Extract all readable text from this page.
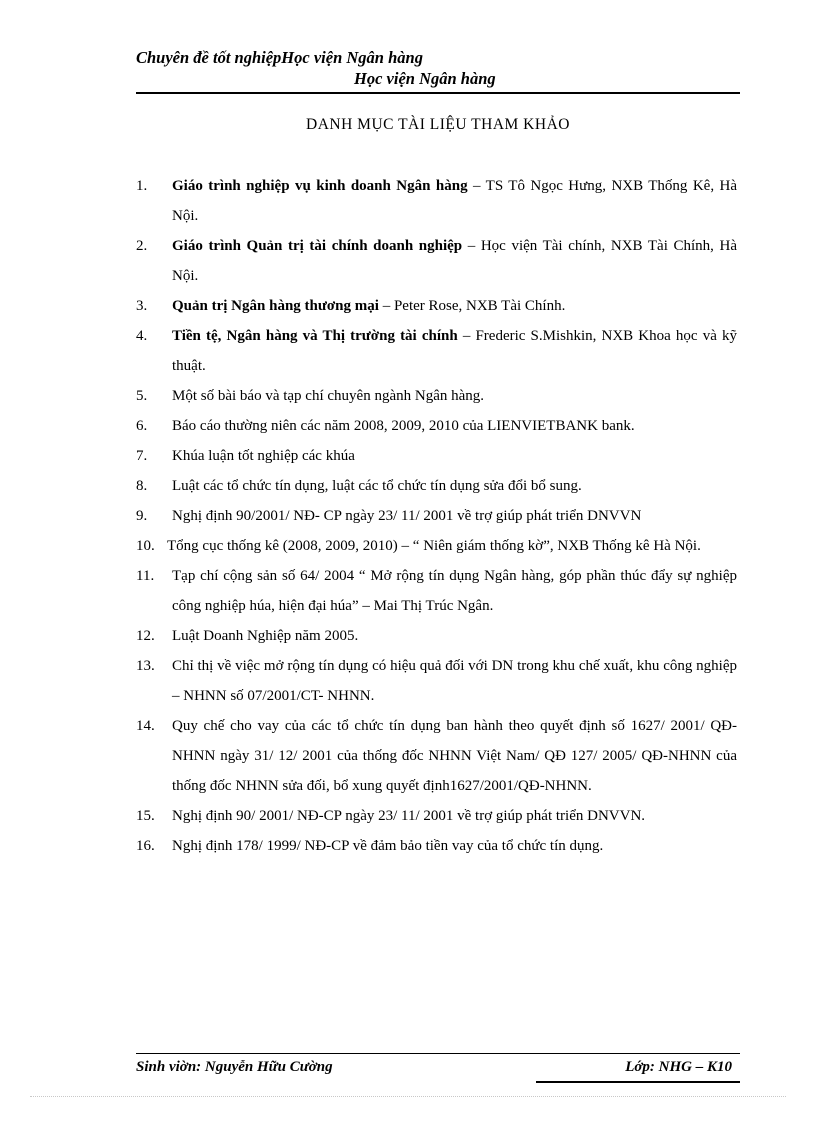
Chuyên đề tốt nghiệpHọc viện Ngân hàng
Học viện Ngân hàng
DANH MỤC TÀI LIỆU THAM KHẢO
1. Giáo trình nghiệp vụ kinh doanh Ngân hàng – TS Tô Ngọc Hưng, NXB Thống Kê, Hà Nội.
2. Giáo trình Quản trị tài chính doanh nghiệp – Học viện Tài chính, NXB Tài Chính, Hà Nội.
3. Quản trị Ngân hàng thương mại – Peter Rose, NXB Tài Chính.
4. Tiền tệ, Ngân hàng và Thị trường tài chính – Frederic S.Mishkin, NXB Khoa học và kỹ thuật.
5. Một số bài báo và tạp chí chuyên ngành Ngân hàng.
6. Báo cáo thường niên các năm 2008, 2009, 2010 của LIENVIETBANK bank.
7. Khúa luận tốt nghiệp các khúa
8. Luật các tổ chức tín dụng, luật các tổ chức tín dụng sửa đổi bổ sung.
9. Nghị định 90/2001/ NĐ- CP ngày 23/ 11/ 2001 về trợ giúp phát triển DNVVN
10. Tổng cục thống kê (2008, 2009, 2010) – “ Niên giám thống kờ”, NXB Thống kê Hà Nội.
11. Tạp chí cộng sản số 64/ 2004 “ Mở rộng tín dụng Ngân hàng, góp phần thúc đẩy sự nghiệp công nghiệp húa, hiện đại húa” – Mai Thị Trúc Ngân.
12. Luật Doanh Nghiệp năm 2005.
13. Chỉ thị về việc mở rộng tín dụng có hiệu quả đối với DN trong khu chế xuất, khu công nghiệp – NHNN số 07/2001/CT- NHNN.
14. Quy chế cho vay của các tổ chức tín dụng ban hành theo quyết định số 1627/ 2001/ QĐ-NHNN ngày 31/ 12/ 2001 của thống đốc NHNN Việt Nam/ QĐ 127/ 2005/ QĐ-NHNN của thống đốc NHNN sửa đối, bổ xung quyết định1627/2001/QĐ-NHNN.
15. Nghị định 90/ 2001/ NĐ-CP ngày 23/ 11/ 2001 về trợ giúp phát triển DNVVN.
16. Nghị định 178/ 1999/ NĐ-CP về đảm bảo tiền vay của tổ chức tín dụng.
Sinh viờn: Nguyễn Hữu Cường	Lớp: NHG – K10
